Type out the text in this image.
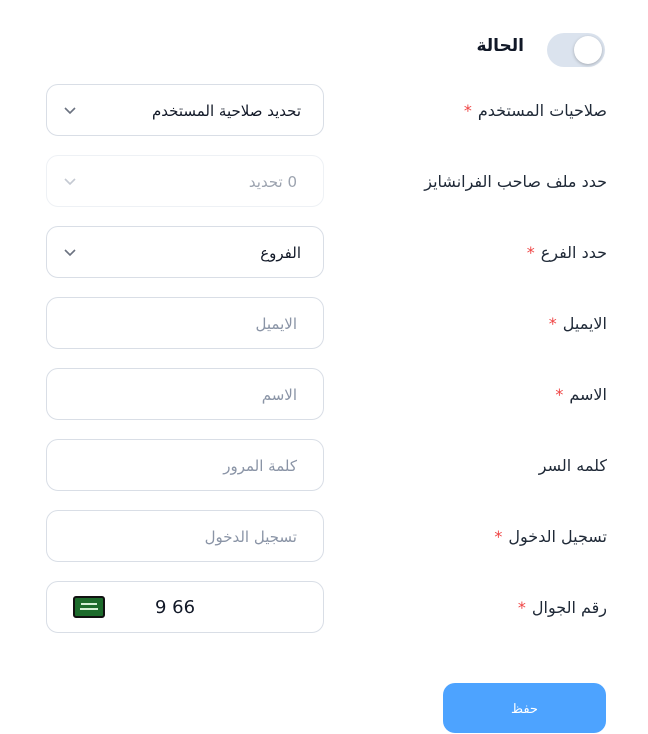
الحالة
صلاحيات المستخدم*
تحديد صلاحية المستخدم
حدد ملف صاحب الفرانشايز
0 تحديد
حدد الفرع*
الفروع
الايميل*
الايميل
الاسم*
الاسم
كلمه السر
كلمة المرور
تسجيل الدخول*
تسجيل الدخول
رقم الجوال*
9 66
حفظ
